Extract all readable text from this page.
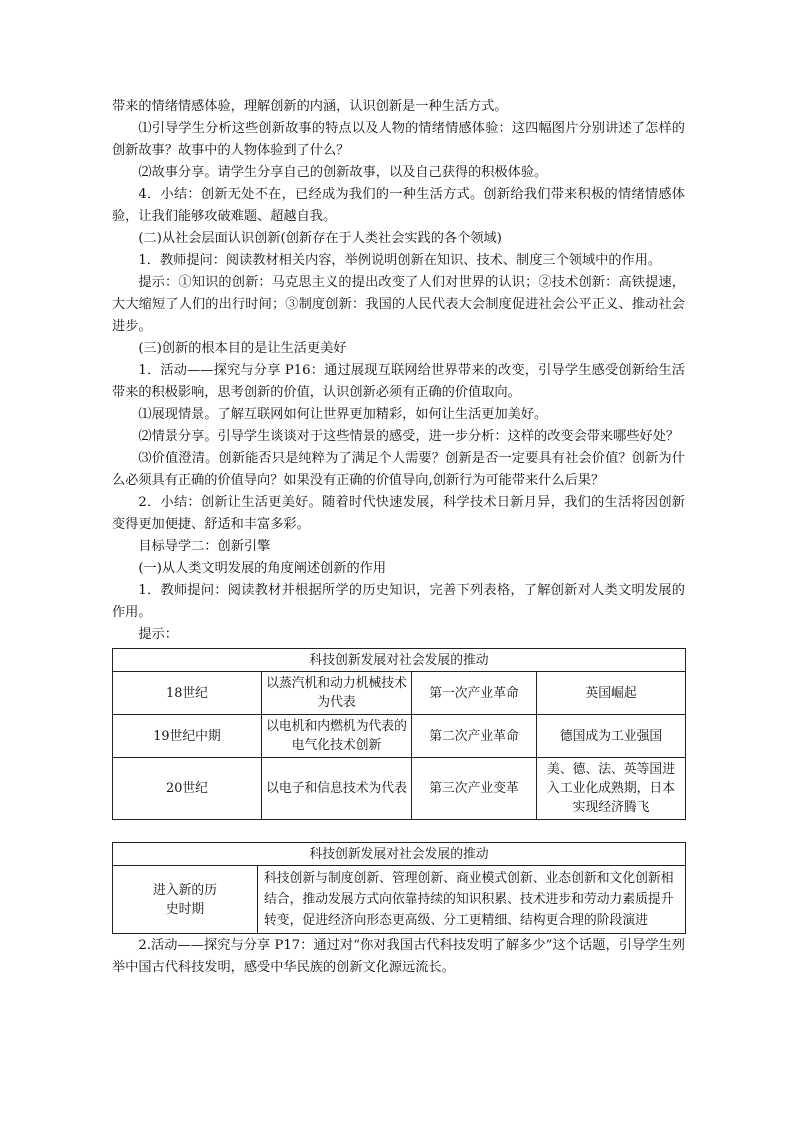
带来的情绪情感体验，理解创新的内涵，认识创新是一种生活方式。

⑴引导学生分析这些创新故事的特点以及人物的情绪情感体验：这四幅图片分别讲述了怎样的创新故事？故事中的人物体验到了什么？

⑵故事分享。请学生分享自己的创新故事，以及自己获得的积极体验。

4．小结：创新无处不在，已经成为我们的一种生活方式。创新给我们带来积极的情绪情感体验，让我们能够攻破难题、超越自我。

(二)从社会层面认识创新(创新存在于人类社会实践的各个领域)

1．教师提问：阅读教材相关内容，举例说明创新在知识、技术、制度三个领域中的作用。

提示：①知识的创新：马克思主义的提出改变了人们对世界的认识；②技术创新：高铁提速，大大缩短了人们的出行时间；③制度创新：我国的人民代表大会制度促进社会公平正义、推动社会进步。

(三)创新的根本目的是让生活更美好

1．活动——探究与分享 P16：通过展现互联网给世界带来的改变，引导学生感受创新给生活带来的积极影响，思考创新的价值，认识创新必须有正确的价值取向。

⑴展现情景。了解互联网如何让世界更加精彩，如何让生活更加美好。

⑵情景分享。引导学生谈谈对于这些情景的感受，进一步分析：这样的改变会带来哪些好处？

⑶价值澄清。创新能否只是纯粹为了满足个人需要？创新是否一定要具有社会价值？创新为什么必须具有正确的价值导向？如果没有正确的价值导向,创新行为可能带来什么后果？

2．小结：创新让生活更美好。随着时代快速发展，科学技术日新月异，我们的生活将因创新变得更加便捷、舒适和丰富多彩。

目标导学二：创新引擎

(一)从人类文明发展的角度阐述创新的作用

1．教师提问：阅读教材并根据所学的历史知识，完善下列表格，了解创新对人类文明发展的作用。

提示：

科技创新发展对社会发展的推动			
18世纪	以蒸汽机和动力机械技术为代表	第一次产业革命	英国崛起
19世纪中期	以电机和内燃机为代表的电气化技术创新	第二次产业革命	德国成为工业强国
20世纪	以电子和信息技术为代表	第三次产业变革	美、德、法、英等国进入工业化成熟期，日本实现经济腾飞
科技创新发展对社会发展的推动
进入新的历史时期	科技创新与制度创新、管理创新、商业模式创新、业态创新和文化创新相结合，推动发展方式向依靠持续的知识积累、技术进步和劳动力素质提升转变，促进经济向形态更高级、分工更精细、结构更合理的阶段演进

2.活动——探究与分享 P17：通过对“你对我国古代科技发明了解多少”这个话题，引导学生列举中国古代科技发明，感受中华民族的创新文化源远流长。
